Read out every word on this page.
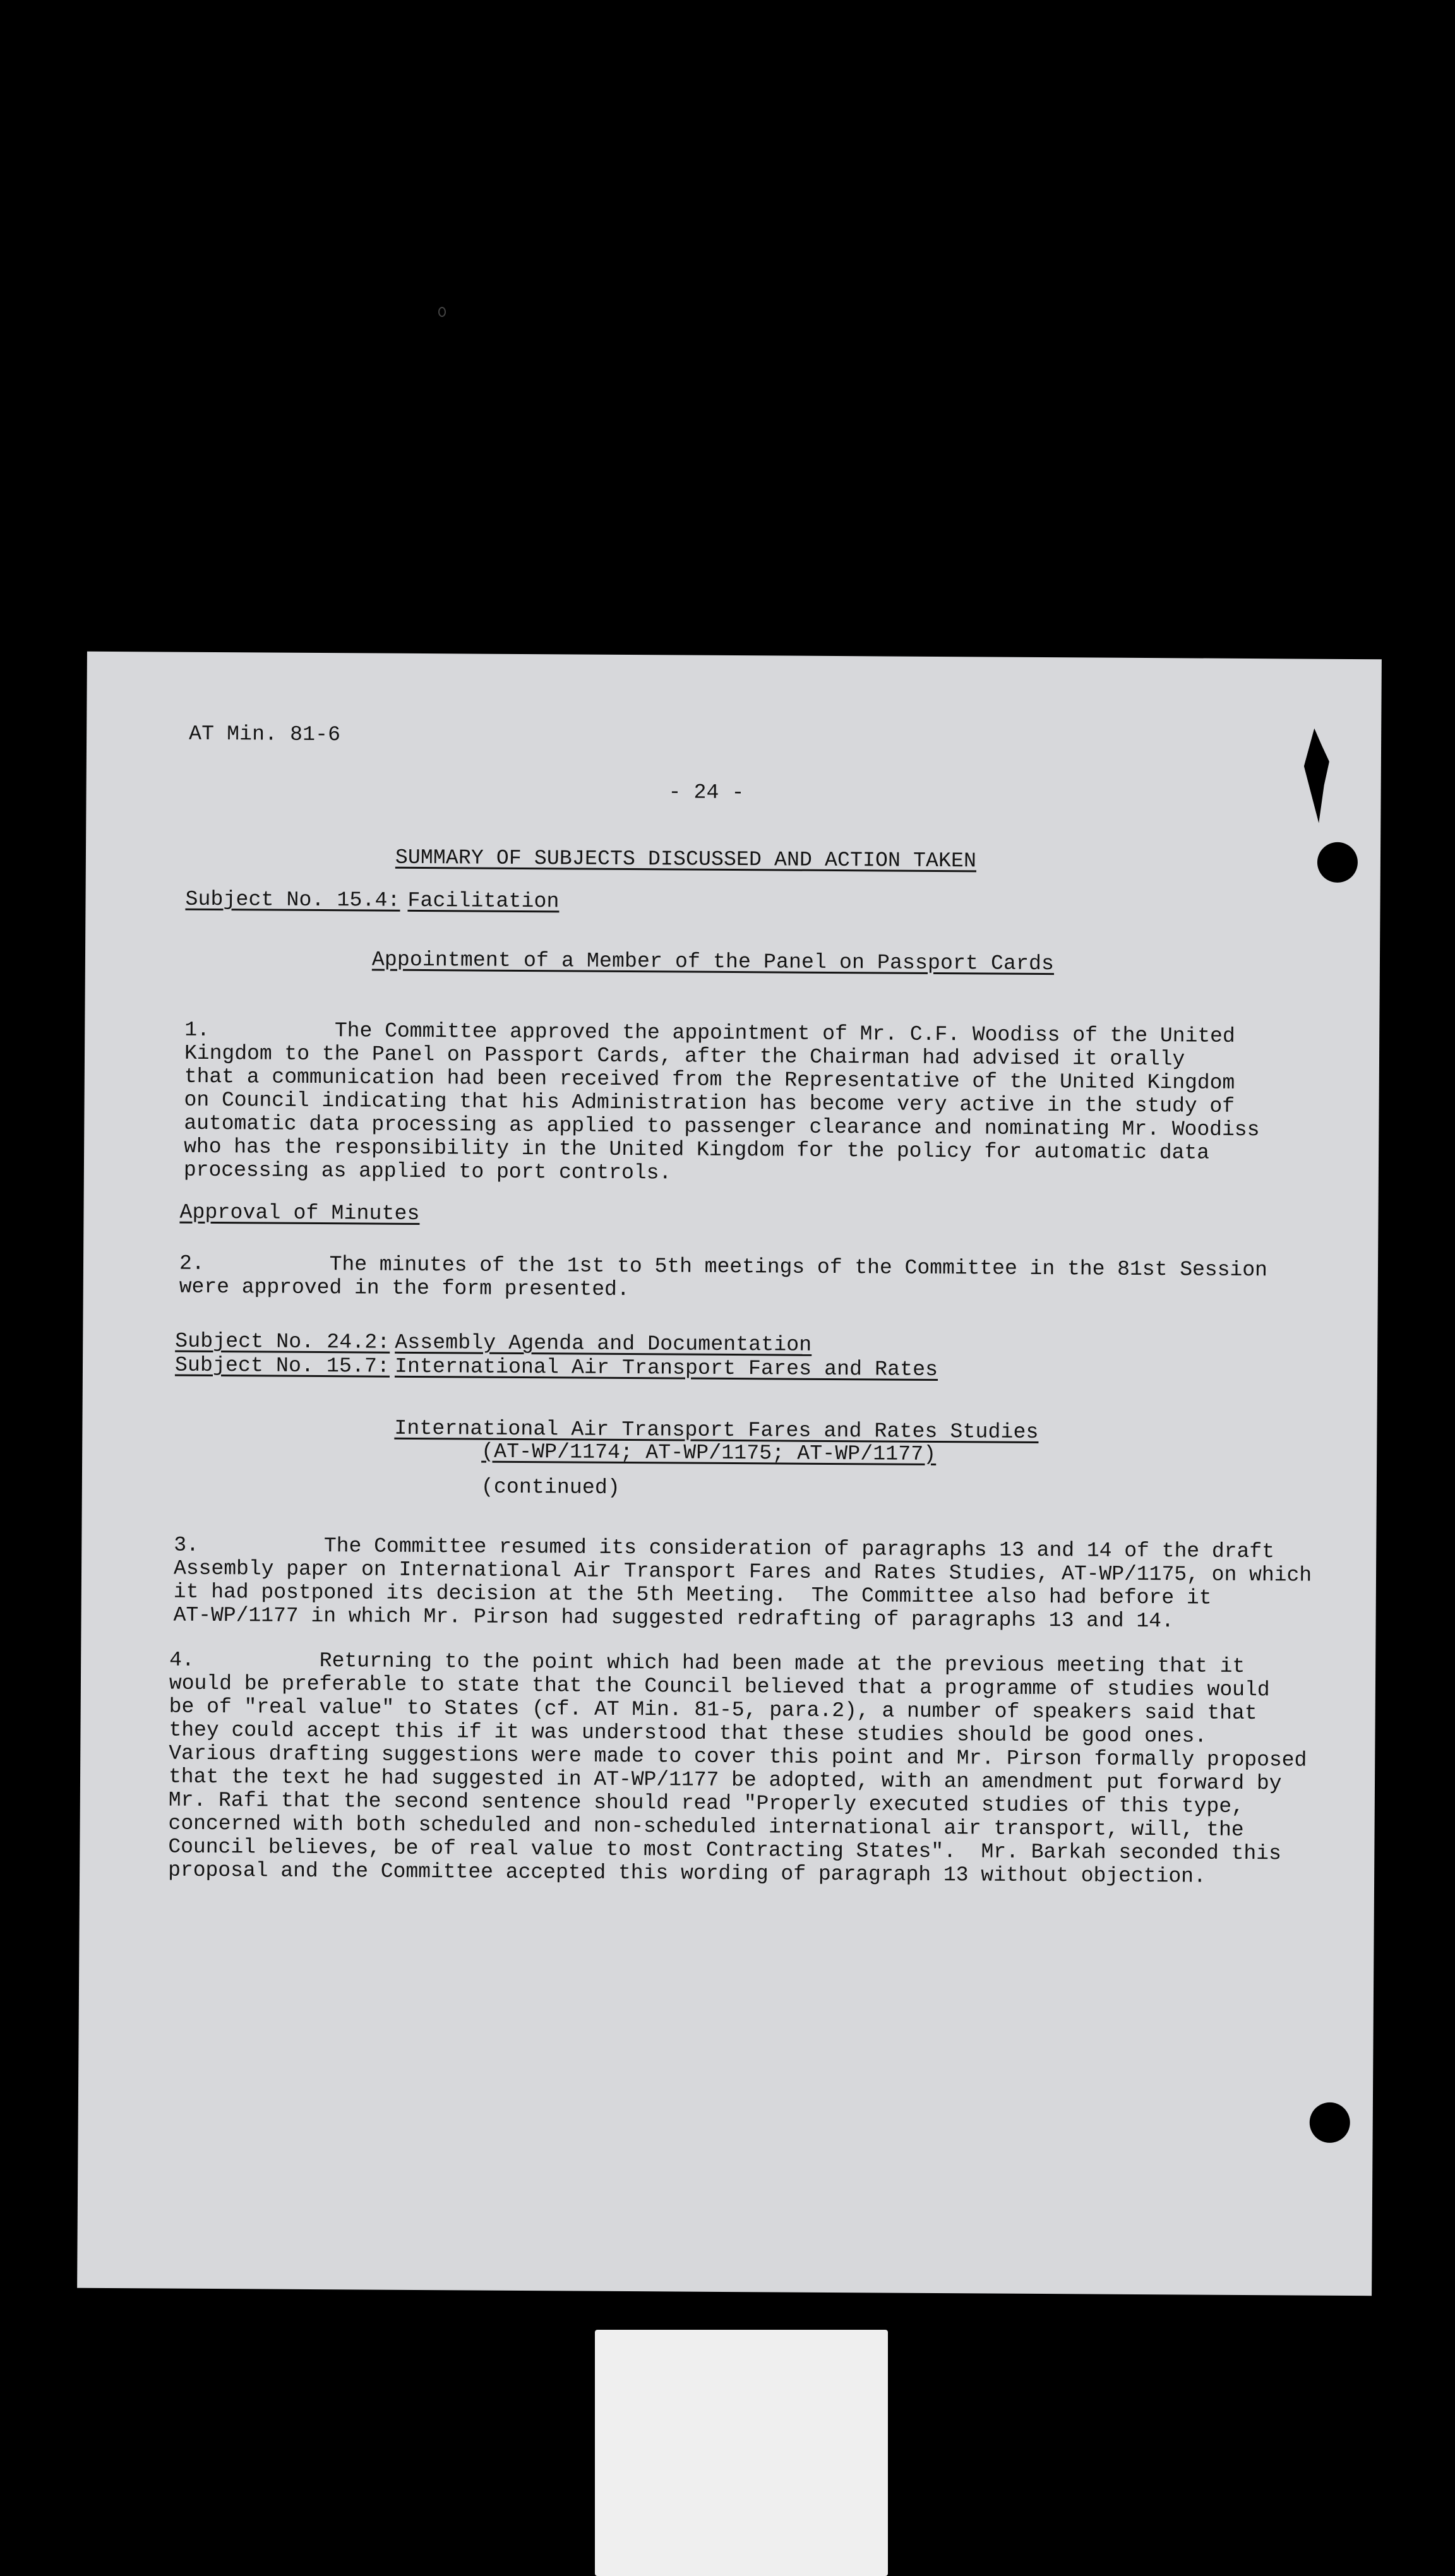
AT Min. 81-6
- 24 -
SUMMARY OF SUBJECTS DISCUSSED AND ACTION TAKEN
Subject No. 15.4: Facilitation
Appointment of a Member of the Panel on Passport Cards
1.          The Committee approved the appointment of Mr. C.F. Woodiss of the United
Kingdom to the Panel on Passport Cards, after the Chairman had advised it orally
that a communication had been received from the Representative of the United Kingdom
on Council indicating that his Administration has become very active in the study of
automatic data processing as applied to passenger clearance and nominating Mr. Woodiss
who has the responsibility in the United Kingdom for the policy for automatic data
processing as applied to port controls.
Approval of Minutes
2.          The minutes of the 1st to 5th meetings of the Committee in the 81st Session
were approved in the form presented.
Subject No. 24.2: Assembly Agenda and Documentation
Subject No. 15.7: International Air Transport Fares and Rates
International Air Transport Fares and Rates Studies
(AT-WP/1174; AT-WP/1175; AT-WP/1177)
(continued)
3.          The Committee resumed its consideration of paragraphs 13 and 14 of the draft
Assembly paper on International Air Transport Fares and Rates Studies, AT-WP/1175, on which
it had postponed its decision at the 5th Meeting.  The Committee also had before it
AT-WP/1177 in which Mr. Pirson had suggested redrafting of paragraphs 13 and 14.
4.          Returning to the point which had been made at the previous meeting that it
would be preferable to state that the Council believed that a programme of studies would
be of "real value" to States (cf. AT Min. 81-5, para.2), a number of speakers said that
they could accept this if it was understood that these studies should be good ones.
Various drafting suggestions were made to cover this point and Mr. Pirson formally proposed
that the text he had suggested in AT-WP/1177 be adopted, with an amendment put forward by
Mr. Rafi that the second sentence should read "Properly executed studies of this type,
concerned with both scheduled and non-scheduled international air transport, will, the
Council believes, be of real value to most Contracting States".  Mr. Barkah seconded this
proposal and the Committee accepted this wording of paragraph 13 without objection.
